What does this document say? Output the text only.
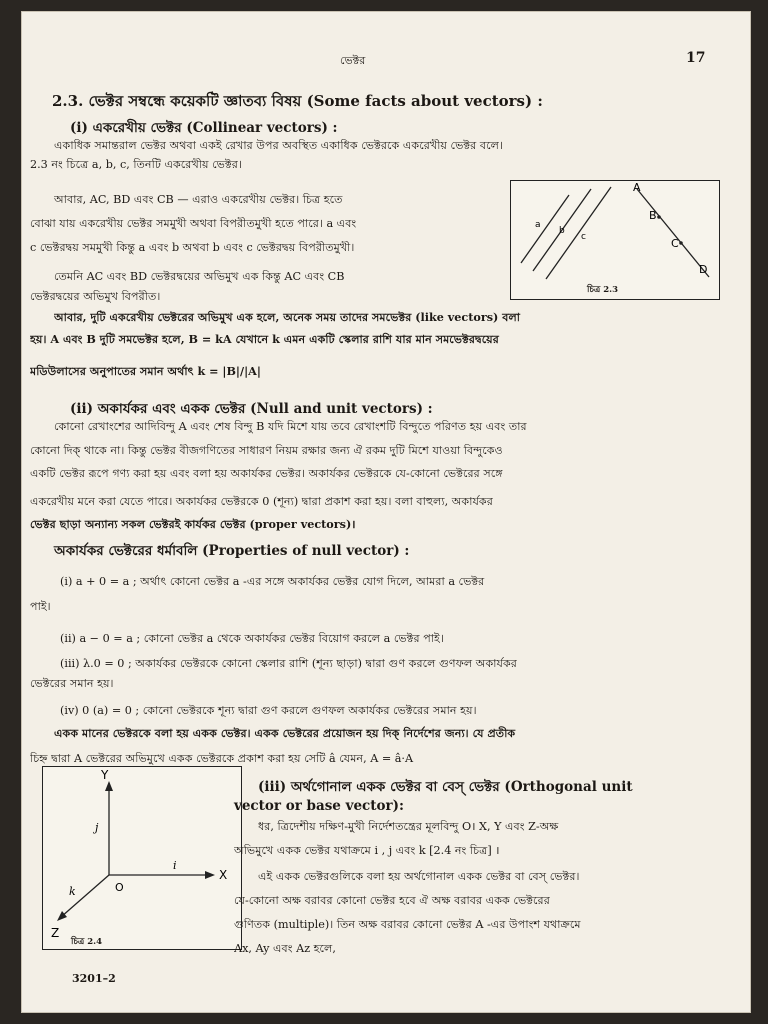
ভেক্টর	17
2.3. ভেক্টর সম্বন্ধে কয়েকটি জ্ঞাতব্য বিষয় (Some facts about vectors) :
(i) একরেখীয় ভেক্টর (Collinear vectors) :
একাধিক সমান্তরাল ভেক্টর অথবা একই রেখার উপর অবস্থিত একাধিক ভেক্টরকে একরেখীয় ভেক্টর বলে।
2.3 নং চিত্রে a, b, c, তিনটি একরেখীয় ভেক্টর।
আবার, AC, BD এবং CB — এরাও একরেখীয় ভেক্টর। চিত্র হতে
বোঝা যায় একরেখীয় ভেক্টর সমমুখী অথবা বিপরীতমুখী হতে পারে। a এবং
c ভেক্টরদ্বয় সমমুখী কিন্তু a এবং b অথবা b এবং c ভেক্টরদ্বয় বিপরীতমুখী।
তেমনি AC এবং BD ভেক্টরদ্বয়ের অভিমুখ এক কিন্তু AC এবং CB
ভেক্টরদ্বয়ের অভিমুখ বিপরীত।
আবার, দুটি একরেখীয় ভেক্টরের অভিমুখ এক হলে, অনেক সময় তাদের সমভেক্টর (like vectors) বলা
হয়। A এবং B দুটি সমভেক্টর হলে, B = kA যেখানে k এমন একটি স্কেলার রাশি যার মান সমভেক্টরদ্বয়ের
মডিউলাসের অনুপাতের সমান অর্থাৎ k = |B|/|A|
A
B
C
D
a
b
c
চিত্র 2.3
(ii) অকার্যকর এবং একক ভেক্টর (Null and unit vectors) :
কোনো রেখাংশের আদিবিন্দু A এবং শেষ বিন্দু B যদি মিশে যায় তবে রেখাংশটি বিন্দুতে পরিণত হয় এবং তার
কোনো দিক্ থাকে না। কিন্তু ভেক্টর বীজগণিতের সাধারণ নিয়ম রক্ষার জন্য ঐ রকম দুটি মিশে যাওয়া বিন্দুকেও
একটি ভেক্টর রূপে গণ্য করা হয় এবং বলা হয় অকার্যকর ভেক্টর। অকার্যকর ভেক্টরকে যে-কোনো ভেক্টরের সঙ্গে
একরেখীয় মনে করা যেতে পারে। অকার্যকর ভেক্টরকে 0 (শূন্য) দ্বারা প্রকাশ করা হয়। বলা বাহুল্য, অকার্যকর
ভেক্টর ছাড়া অন্যান্য সকল ভেক্টরই কার্যকর ভেক্টর (proper vectors)।
অকার্যকর ভেক্টরের ধর্মাবলি (Properties of null vector) :
(i) a + 0 = a ; অর্থাৎ কোনো ভেক্টর a -এর সঙ্গে অকার্যকর ভেক্টর যোগ দিলে, আমরা a ভেক্টর
পাই।
(ii) a − 0 = a ; কোনো ভেক্টর a থেকে অকার্যকর ভেক্টর বিয়োগ করলে a ভেক্টর পাই।
(iii) λ.0 = 0 ; অকার্যকর ভেক্টরকে কোনো স্কেলার রাশি (শূন্য ছাড়া) দ্বারা গুণ করলে গুণফল অকার্যকর
ভেক্টরের সমান হয়।
(iv) 0 (a) = 0 ; কোনো ভেক্টরকে শূন্য দ্বারা গুণ করলে গুণফল অকার্যকর ভেক্টরের সমান হয়।
একক মানের ভেক্টরকে বলা হয় একক ভেক্টর। একক ভেক্টরের প্রয়োজন হয় দিক্ নির্দেশের জন্য। যে প্রতীক
চিহ্ন দ্বারা A ভেক্টরের অভিমুখে একক ভেক্টরকে প্রকাশ করা হয় সেটি â যেমন, A = â·A
Y
X
Z
O
i
j
k
চিত্র 2.4
(iii) অর্থগোনাল একক ভেক্টর বা বেস্ ভেক্টর (Orthogonal unit
vector or base vector):
ধর, ত্রিদেশীয় দক্ষিণ-মুখী নির্দেশতন্ত্রের মূলবিন্দু O। X, Y এবং Z-অক্ষ
অভিমুখে একক ভেক্টর যথাক্রমে i , j এবং k [2.4 নং চিত্র] ।
এই একক ভেক্টরগুলিকে বলা হয় অর্থগোনাল একক ভেক্টর বা বেস্ ভেক্টর।
যে-কোনো অক্ষ বরাবর কোনো ভেক্টর হবে ঐ অক্ষ বরাবর একক ভেক্টরের
গুণিতক (multiple)। তিন অক্ষ বরাবর কোনো ভেক্টর A -এর উপাংশ যথাক্রমে
Ax, Ay এবং Az হলে,
3201–2
